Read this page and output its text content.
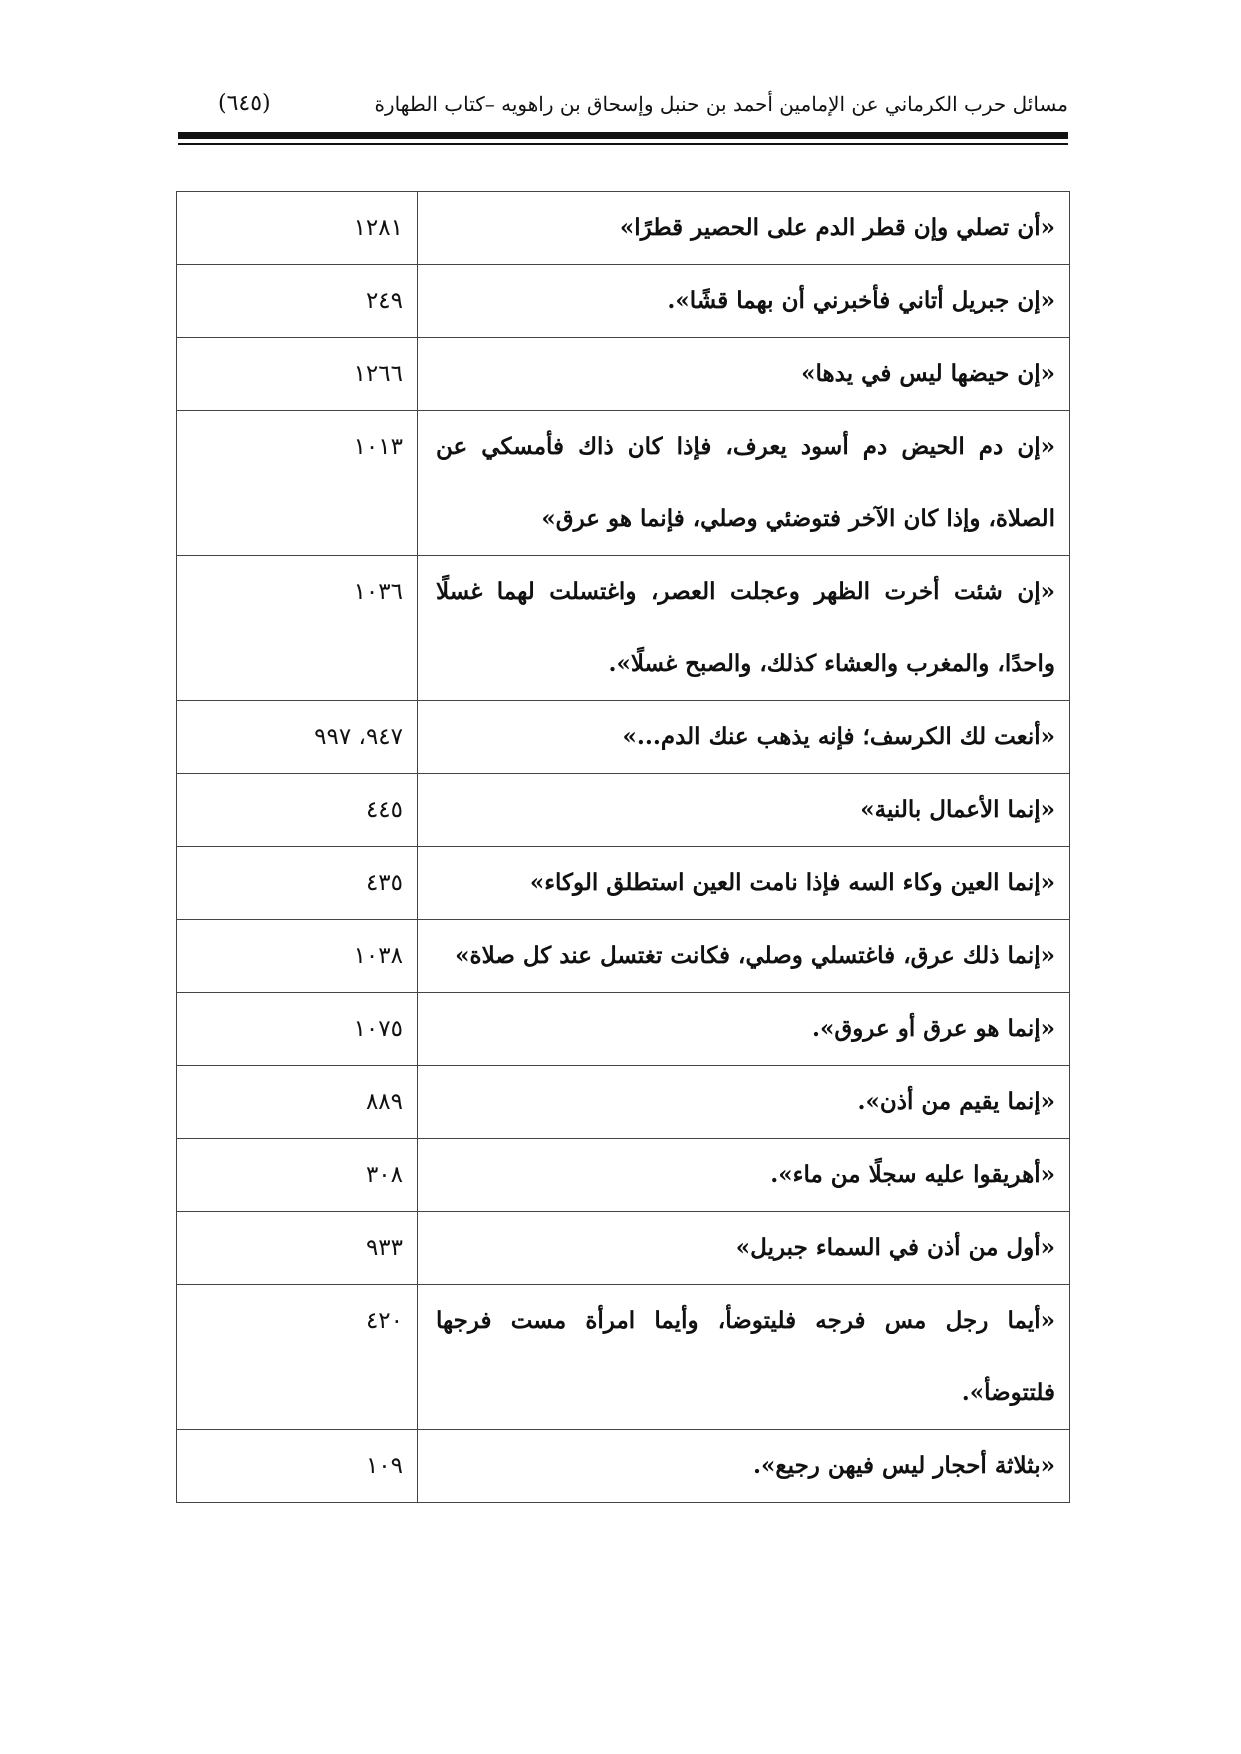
مسائل حرب الكرماني عن الإمامين أحمد بن حنبل وإسحاق بن راهويه –كتاب الطهارة
(٦٤٥)
«أن تصلي وإن قطر الدم على الحصير قطرًا»	١٢٨١

«إن جبريل أتاني فأخبرني أن بهما قشًا».	٢٤٩

«إن حيضها ليس في يدها»	١٢٦٦

«إن دم الحيض دم أسود يعرف، فإذا كان ذاك فأمسكي عن الصلاة، وإذا كان الآخر فتوضئي وصلي، فإنما هو عرق»	١٠١٣

«إن شئت أخرت الظهر وعجلت العصر، واغتسلت لهما غسلًا واحدًا، والمغرب والعشاء كذلك، والصبح غسلًا».	١٠٣٦

«أنعت لك الكرسف؛ فإنه يذهب عنك الدم...»	٩٤٧، ٩٩٧

«إنما الأعمال بالنية»	٤٤٥

«إنما العين وكاء السه فإذا نامت العين استطلق الوكاء»	٤٣٥

«إنما ذلك عرق، فاغتسلي وصلي، فكانت تغتسل عند كل صلاة»	١٠٣٨

«إنما هو عرق أو عروق».	١٠٧٥

«إنما يقيم من أذن».	٨٨٩

«أهريقوا عليه سجلًا من ماء».	٣٠٨

«أول من أذن في السماء جبريل»	٩٣٣

«أيما رجل مس فرجه فليتوضأ، وأيما امرأة مست فرجها فلتتوضأ».	٤٢٠

«بثلاثة أحجار ليس فيهن رجيع».	١٠٩
